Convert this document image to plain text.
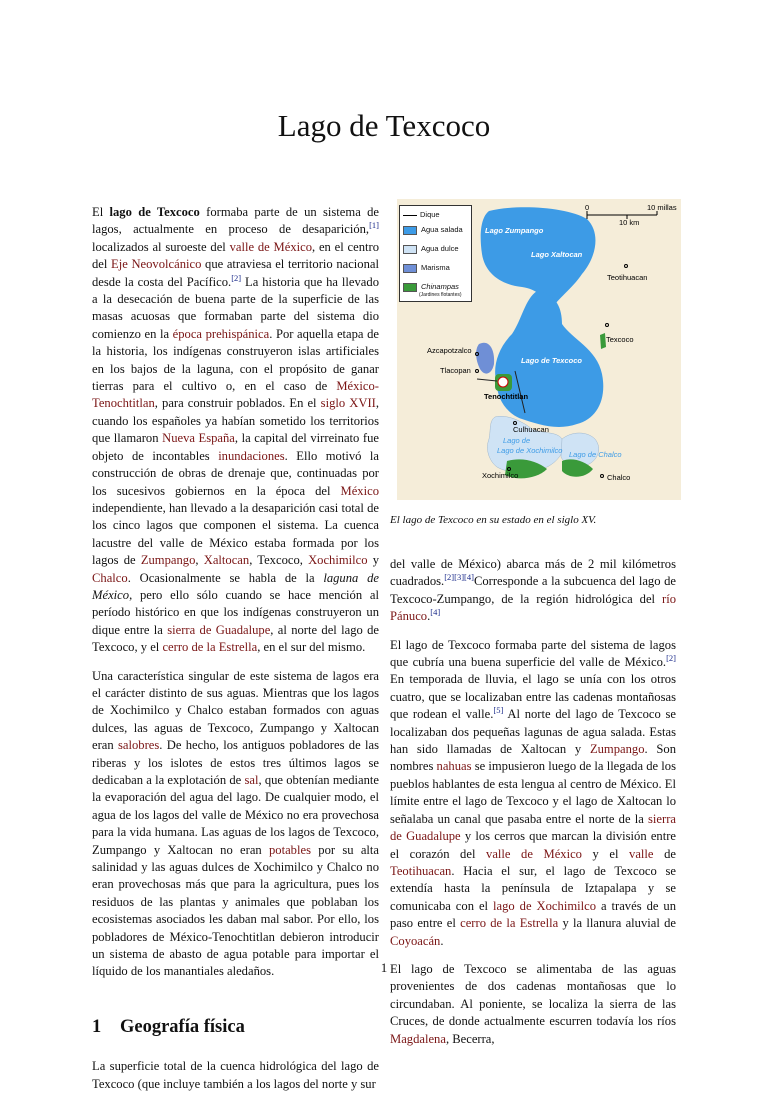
Lago de Texcoco

El lago de Texcoco formaba parte de un sistema de lagos, actualmente en proceso de desaparición,[1] localizados al suroeste del valle de México, en el centro del Eje Neovolcánico que atraviesa el territorio nacional desde la costa del Pacífico.[2] La historia que ha llevado a la desecación de buena parte de la superficie de las masas acuosas que formaban parte del sistema dio comienzo en la época prehispánica. Por aquella etapa de la historia, los indígenas construyeron islas artificiales en los bajos de la laguna, con el propósito de ganar tierras para el cultivo o, en el caso de México-Tenochtitlan, para construir poblados. En el siglo XVII, cuando los españoles ya habían sometido los territorios que llamaron Nueva España, la capital del virreinato fue objeto de incontables inundaciones. Ello motivó la construcción de obras de drenaje que, continuadas por los sucesivos gobiernos en la época del México independiente, han llevado a la desaparición casi total de los cinco lagos que componen el sistema. La cuenca lacustre del valle de México estaba formada por los lagos de Zumpango, Xaltocan, Texcoco, Xochimilco y Chalco. Ocasionalmente se habla de la laguna de México, pero ello sólo cuando se hace mención al período histórico en que los indígenas construyeron un dique entre la sierra de Guadalupe, al norte del lago de Texcoco, y el cerro de la Estrella, en el sur del mismo.

Una característica singular de este sistema de lagos era el carácter distinto de sus aguas. Mientras que los lagos de Xochimilco y Chalco estaban formados con aguas dulces, las aguas de Texcoco, Zumpango y Xaltocan eran salobres. De hecho, los antiguos pobladores de las riberas y los islotes de estos tres últimos lagos se dedicaban a la explotación de sal, que obtenían mediante la evaporación del agua del lago. De cualquier modo, el agua de los lagos del valle de México no era provechosa para la vida humana. Las aguas de los lagos de Texcoco, Zumpango y Xaltocan no eran potables por su alta salinidad y las aguas dulces de Xochimilco y Chalco no eran provechosas más que para la agricultura, pues los residuos de las plantas y animales que poblaban los ecosistemas asociados les daban mal sabor. Por ello, los pobladores de México-Tenochtitlan debieron introducir un sistema de abasto de agua potable para importar el líquido de los manantiales aledaños.

1 Geografía física

La superficie total de la cuenca hidrológica del lago de Texcoco (que incluye también a los lagos del norte y sur

0	10 millas
10 km
Lago Zumpango
Lago Xaltocan
Lago de Texcoco
Lago de
Lago de Xochimilco Lago de Chalco
Teotihuacan
Texcoco
Azcapotzalco
Tlacopan
Tenochtitlan
Culhuacan
Xochimilco	Chalco
Dique
Agua salada
Agua dulce
Marisma
Chinampas
(Jardines flotantes)
El lago de Texcoco en su estado en el siglo XV.

del valle de México) abarca más de 2 mil kilómetros cuadrados.[2][3][4]Corresponde a la subcuenca del lago de Texcoco-Zumpango, de la región hidrológica del río Pánuco.[4]

El lago de Texcoco formaba parte del sistema de lagos que cubría una buena superficie del valle de México.[2] En temporada de lluvia, el lago se unía con los otros cuatro, que se localizaban entre las cadenas montañosas que rodean el valle.[5] Al norte del lago de Texcoco se localizaban dos pequeñas lagunas de agua salada. Estas han sido llamadas de Xaltocan y Zumpango. Son nombres nahuas se impusieron luego de la llegada de los pueblos hablantes de esta lengua al centro de México. El límite entre el lago de Texcoco y el lago de Xaltocan lo señalaba un canal que pasaba entre el norte de la sierra de Guadalupe y los cerros que marcan la división entre el corazón del valle de México y el valle de Teotihuacan. Hacia el sur, el lago de Texcoco se extendía hasta la península de Iztapalapa y se comunicaba con el lago de Xochimilco a través de un paso entre el cerro de la Estrella y la llanura aluvial de Coyoacán.

El lago de Texcoco se alimentaba de las aguas provenientes de dos cadenas montañosas que lo circundaban. Al poniente, se localiza la sierra de las Cruces, de donde actualmente escurren todavía los ríos Magdalena, Becerra,

1
